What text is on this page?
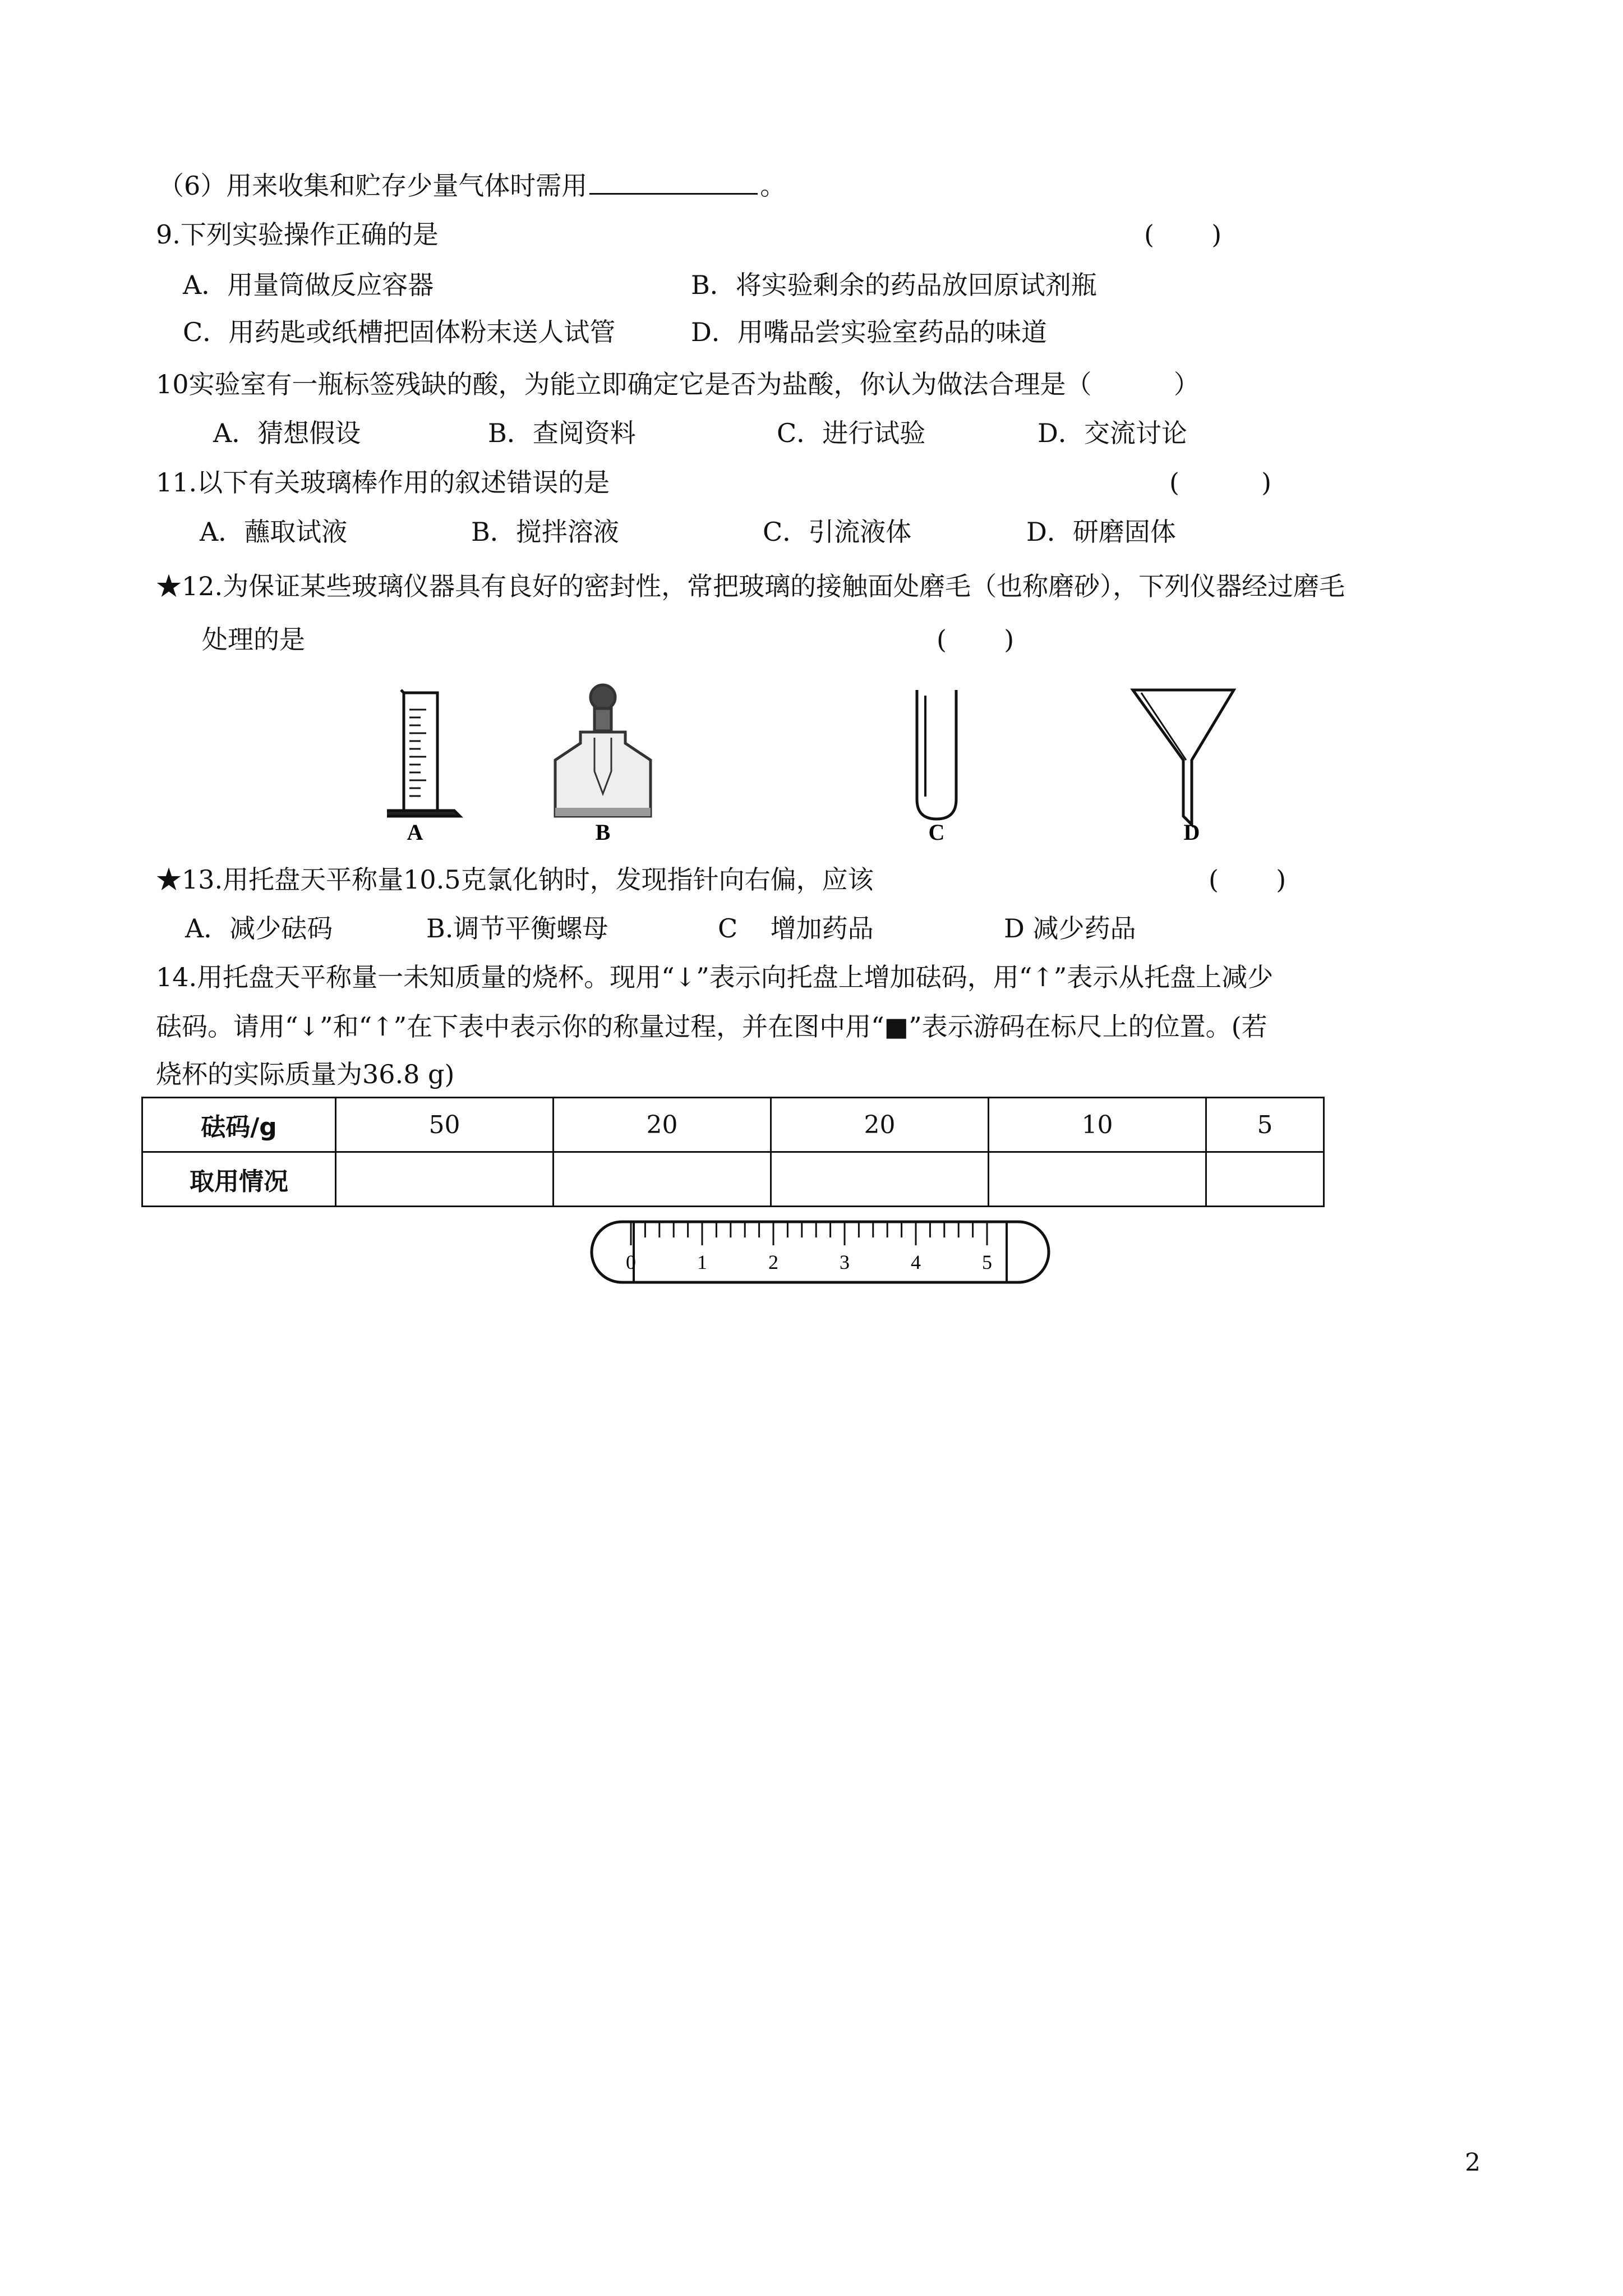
（6）用来收集和贮存少量气体时需用	。
9.下列实验操作正确的是	(       )
A．用量筒做反应容器	B．将实验剩余的药品放回原试剂瓶
C．用药匙或纸槽把固体粉末送人试管	D．用嘴品尝实验室药品的味道
10实验室有一瓶标签残缺的酸，为能立即确定它是否为盐酸，你认为做法合理是（          ）
A．猜想假设	B．查阅资料	C．进行试验	D．交流讨论
11.以下有关玻璃棒作用的叙述错误的是	(          )
A．蘸取试液	B．搅拌溶液	C．引流液体	D．研磨固体
★12.为保证某些玻璃仪器具有良好的密封性，常把玻璃的接触面处磨毛（也称磨砂），下列仪器经过磨毛
处理的是	(       )
A	B	C	D
★13.用托盘天平称量10.5克氯化钠时，发现指针向右偏，应该	(       )
A．减少砝码	B.调节平衡螺母	C    增加药品	D 减少药品
14.用托盘天平称量一未知质量的烧杯。现用“↓”表示向托盘上增加砝码，用“↑”表示从托盘上减少
砝码。请用“↓”和“↑”在下表中表示你的称量过程，并在图中用“■”表示游码在标尺上的位置。(若
烧杯的实际质量为36.8 g)
砝码/g	50	20	20	10	5
取用情况					
0	1	2	3	4	5
2
